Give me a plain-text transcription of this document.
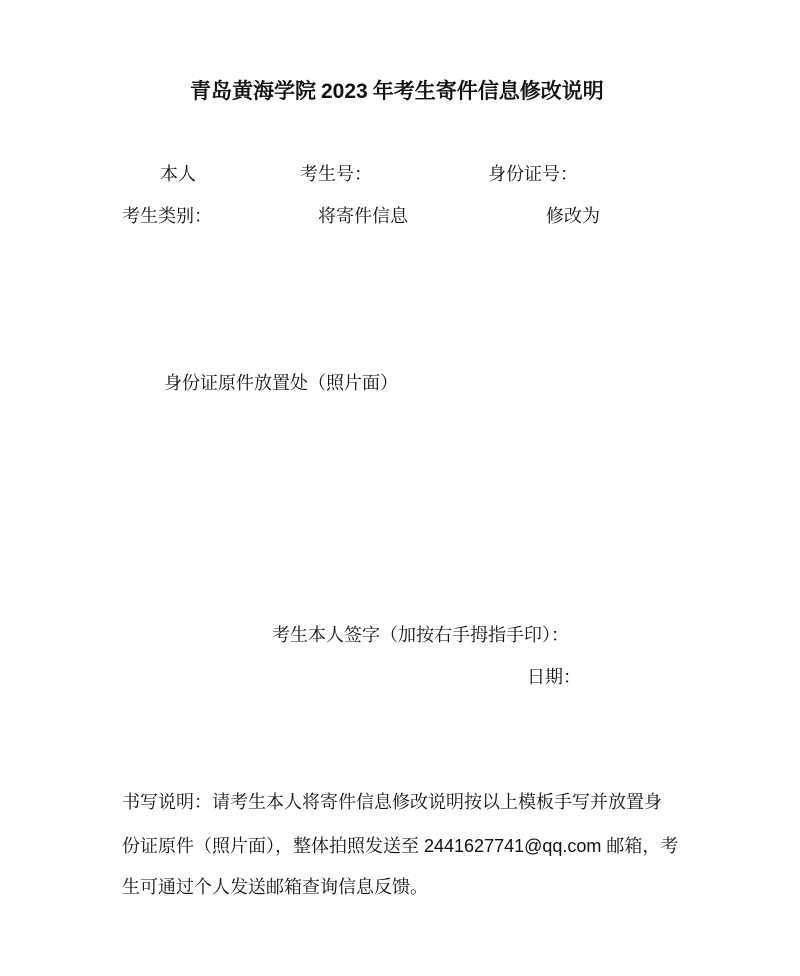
青岛黄海学院 2023 年考生寄件信息修改说明
本人	考生号：	身份证号：
考生类别：	将寄件信息	修改为
身份证原件放置处（照片面）
考生本人签字（加按右手拇指手印）：
日期：
书写说明：请考生本人将寄件信息修改说明按以上模板手写并放置身
份证原件（照片面），整体拍照发送至 2441627741@qq.com 邮箱，考
生可通过个人发送邮箱查询信息反馈。
